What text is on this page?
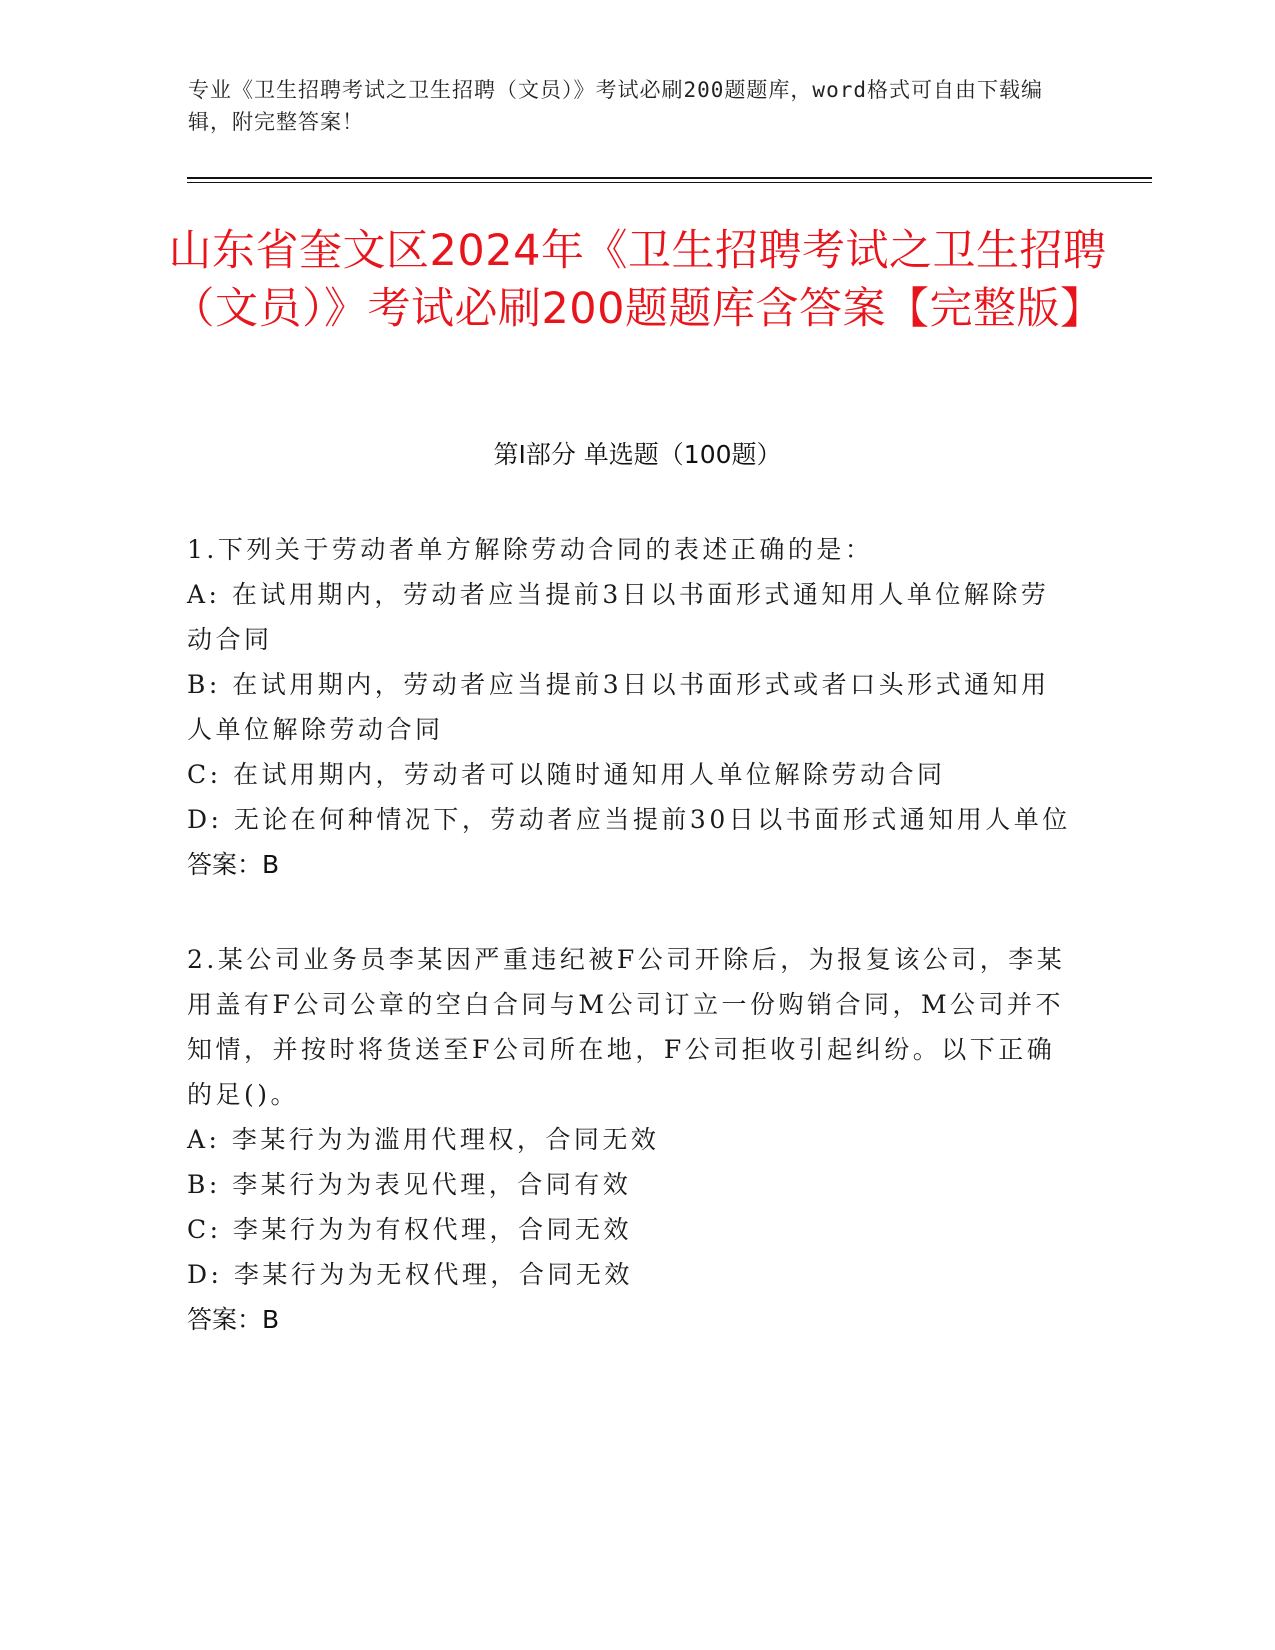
专业《卫生招聘考试之卫生招聘（文员）》考试必刷200题题库，word格式可自由下载编辑，附完整答案！
山东省奎文区2024年《卫生招聘考试之卫生招聘（文员）》考试必刷200题题库含答案【完整版】
第Ⅰ部分 单选题（100题）
1.下列关于劳动者单方解除劳动合同的表述正确的是：
A: 在试用期内，劳动者应当提前3日以书面形式通知用人单位解除劳动合同
B: 在试用期内，劳动者应当提前3日以书面形式或者口头形式通知用人单位解除劳动合同
C: 在试用期内，劳动者可以随时通知用人单位解除劳动合同
D: 无论在何种情况下，劳动者应当提前30日以书面形式通知用人单位
答案：B
2.某公司业务员李某因严重违纪被F公司开除后，为报复该公司，李某用盖有F公司公章的空白合同与M公司订立一份购销合同，M公司并不知情，并按时将货送至F公司所在地，F公司拒收引起纠纷。以下正确的足()。
A: 李某行为为滥用代理权，合同无效
B: 李某行为为表见代理，合同有效
C: 李某行为为有权代理，合同无效
D: 李某行为为无权代理，合同无效
答案：B
